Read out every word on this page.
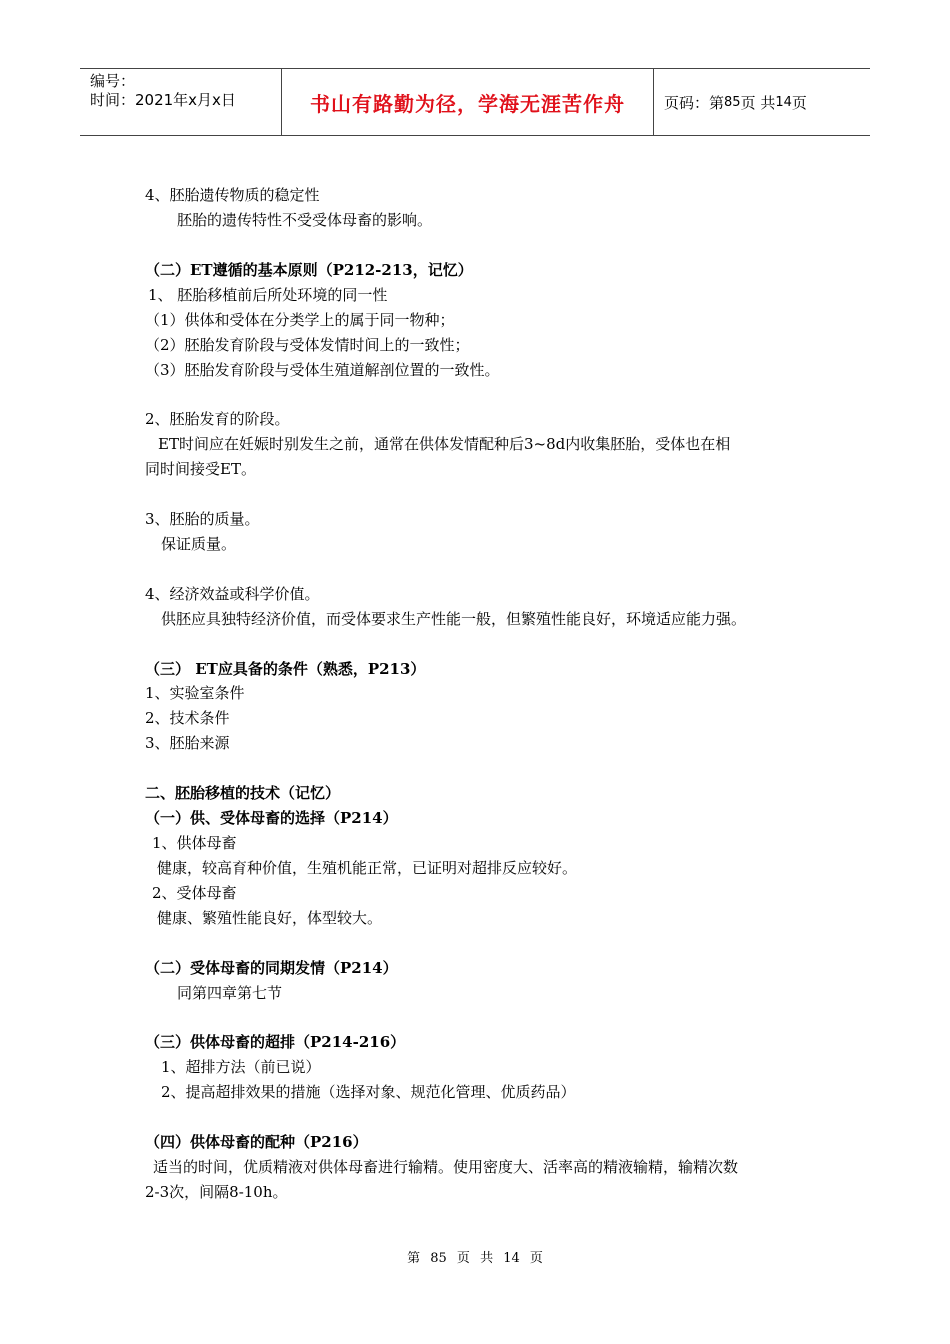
编号：
时间：2021年x月x日	书山有路勤为径，学海无涯苦作舟	页码：第 85 页 共 14 页
4、胚胎遗传物质的稳定性
胚胎的遗传特性不受受体母畜的影响。
（二）ET遵循的基本原则（P212-213，记忆）
1、 胚胎移植前后所处环境的同一性
（1）供体和受体在分类学上的属于同一物种；
（2）胚胎发育阶段与受体发情时间上的一致性；
（3）胚胎发育阶段与受体生殖道解剖位置的一致性。
2、胚胎发育的阶段。
ET时间应在妊娠时别发生之前，通常在供体发情配种后3~8d内收集胚胎，受体也在相
同时间接受ET。
3、胚胎的质量。
保证质量。
4、经济效益或科学价值。
供胚应具独特经济价值，而受体要求生产性能一般，但繁殖性能良好，环境适应能力强。
（三） ET应具备的条件（熟悉，P213）
1、实验室条件
2、技术条件
3、胚胎来源
二、胚胎移植的技术（记忆）
（一）供、受体母畜的选择（P214）
1、供体母畜
健康，较高育种价值，生殖机能正常，已证明对超排反应较好。
2、受体母畜
健康、繁殖性能良好，体型较大。
（二）受体母畜的同期发情（P214）
同第四章第七节
（三）供体母畜的超排（P214-216）
1、超排方法（前已说）
2、提高超排效果的措施（选择对象、规范化管理、优质药品）
（四）供体母畜的配种（P216）
适当的时间，优质精液对供体母畜进行输精。使用密度大、活率高的精液输精，输精次数
2-3次，间隔8-10h。
第 85 页 共 14 页
